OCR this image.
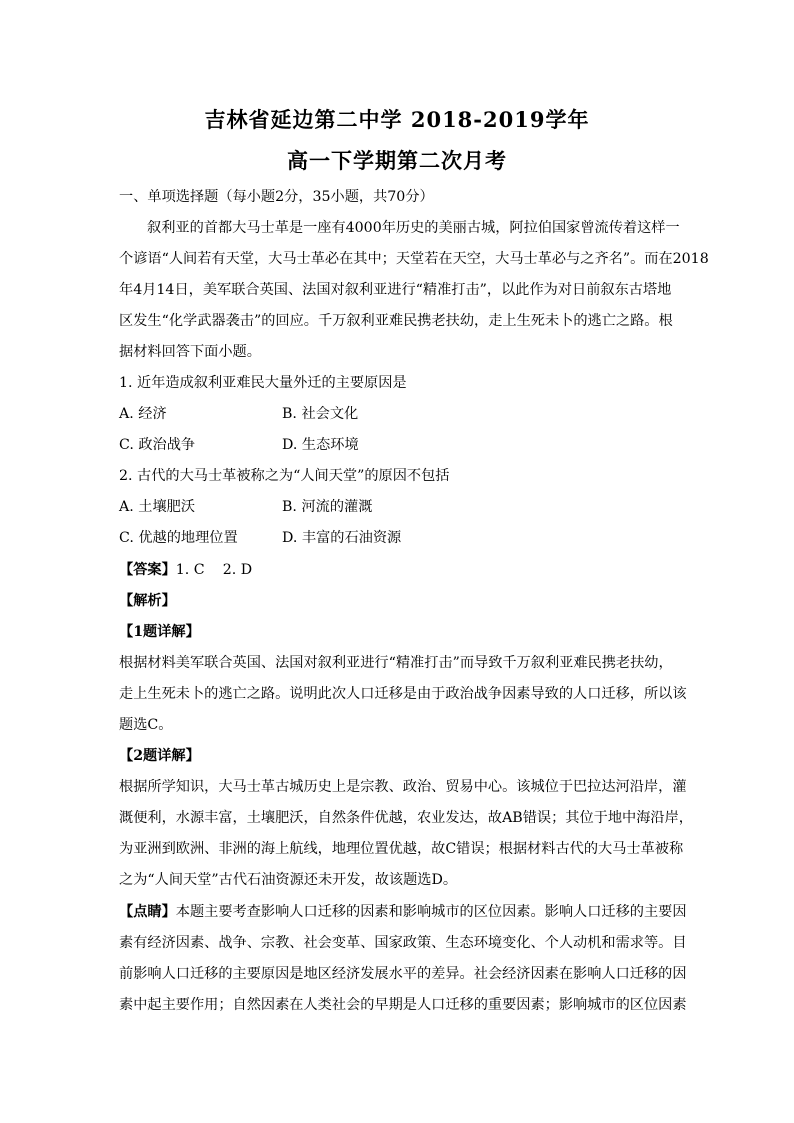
吉林省延边第二中学 2018-2019学年
高一下学期第二次月考
一、单项选择题（每小题2分，35小题，共70分）
叙利亚的首都大马士革是一座有4000年历史的美丽古城，阿拉伯国家曾流传着这样一
个谚语“人间若有天堂，大马士革必在其中；天堂若在天空，大马士革必与之齐名”。而在2018
年4月14日，美军联合英国、法国对叙利亚进行“精准打击”，以此作为对日前叙东古塔地
区发生“化学武器袭击”的回应。千万叙利亚难民携老扶幼，走上生死未卜的逃亡之路。根
据材料回答下面小题。
1. 近年造成叙利亚难民大量外迁的主要原因是
A. 经济	B. 社会文化
C. 政治战争	D. 生态环境
2. 古代的大马士革被称之为“人间天堂”的原因不包括
A. 土壤肥沃	B. 河流的灌溉
C. 优越的地理位置	D. 丰富的石油资源
【答案】1. C    2. D
【解析】
【1题详解】
根据材料美军联合英国、法国对叙利亚进行“精准打击”而导致千万叙利亚难民携老扶幼，
走上生死未卜的逃亡之路。说明此次人口迁移是由于政治战争因素导致的人口迁移，所以该
题选C。
【2题详解】
根据所学知识，大马士革古城历史上是宗教、政治、贸易中心。该城位于巴拉达河沿岸，灌
溉便利，水源丰富，土壤肥沃，自然条件优越，农业发达，故AB错误；其位于地中海沿岸，
为亚洲到欧洲、非洲的海上航线，地理位置优越，故C错误；根据材料古代的大马士革被称
之为“人间天堂”古代石油资源还未开发，故该题选D。
【点睛】本题主要考查影响人口迁移的因素和影响城市的区位因素。影响人口迁移的主要因
素有经济因素、战争、宗教、社会变革、国家政策、生态环境变化、个人动机和需求等。目
前影响人口迁移的主要原因是地区经济发展水平的差异。社会经济因素在影响人口迁移的因
素中起主要作用；自然因素在人类社会的早期是人口迁移的重要因素；影响城市的区位因素
